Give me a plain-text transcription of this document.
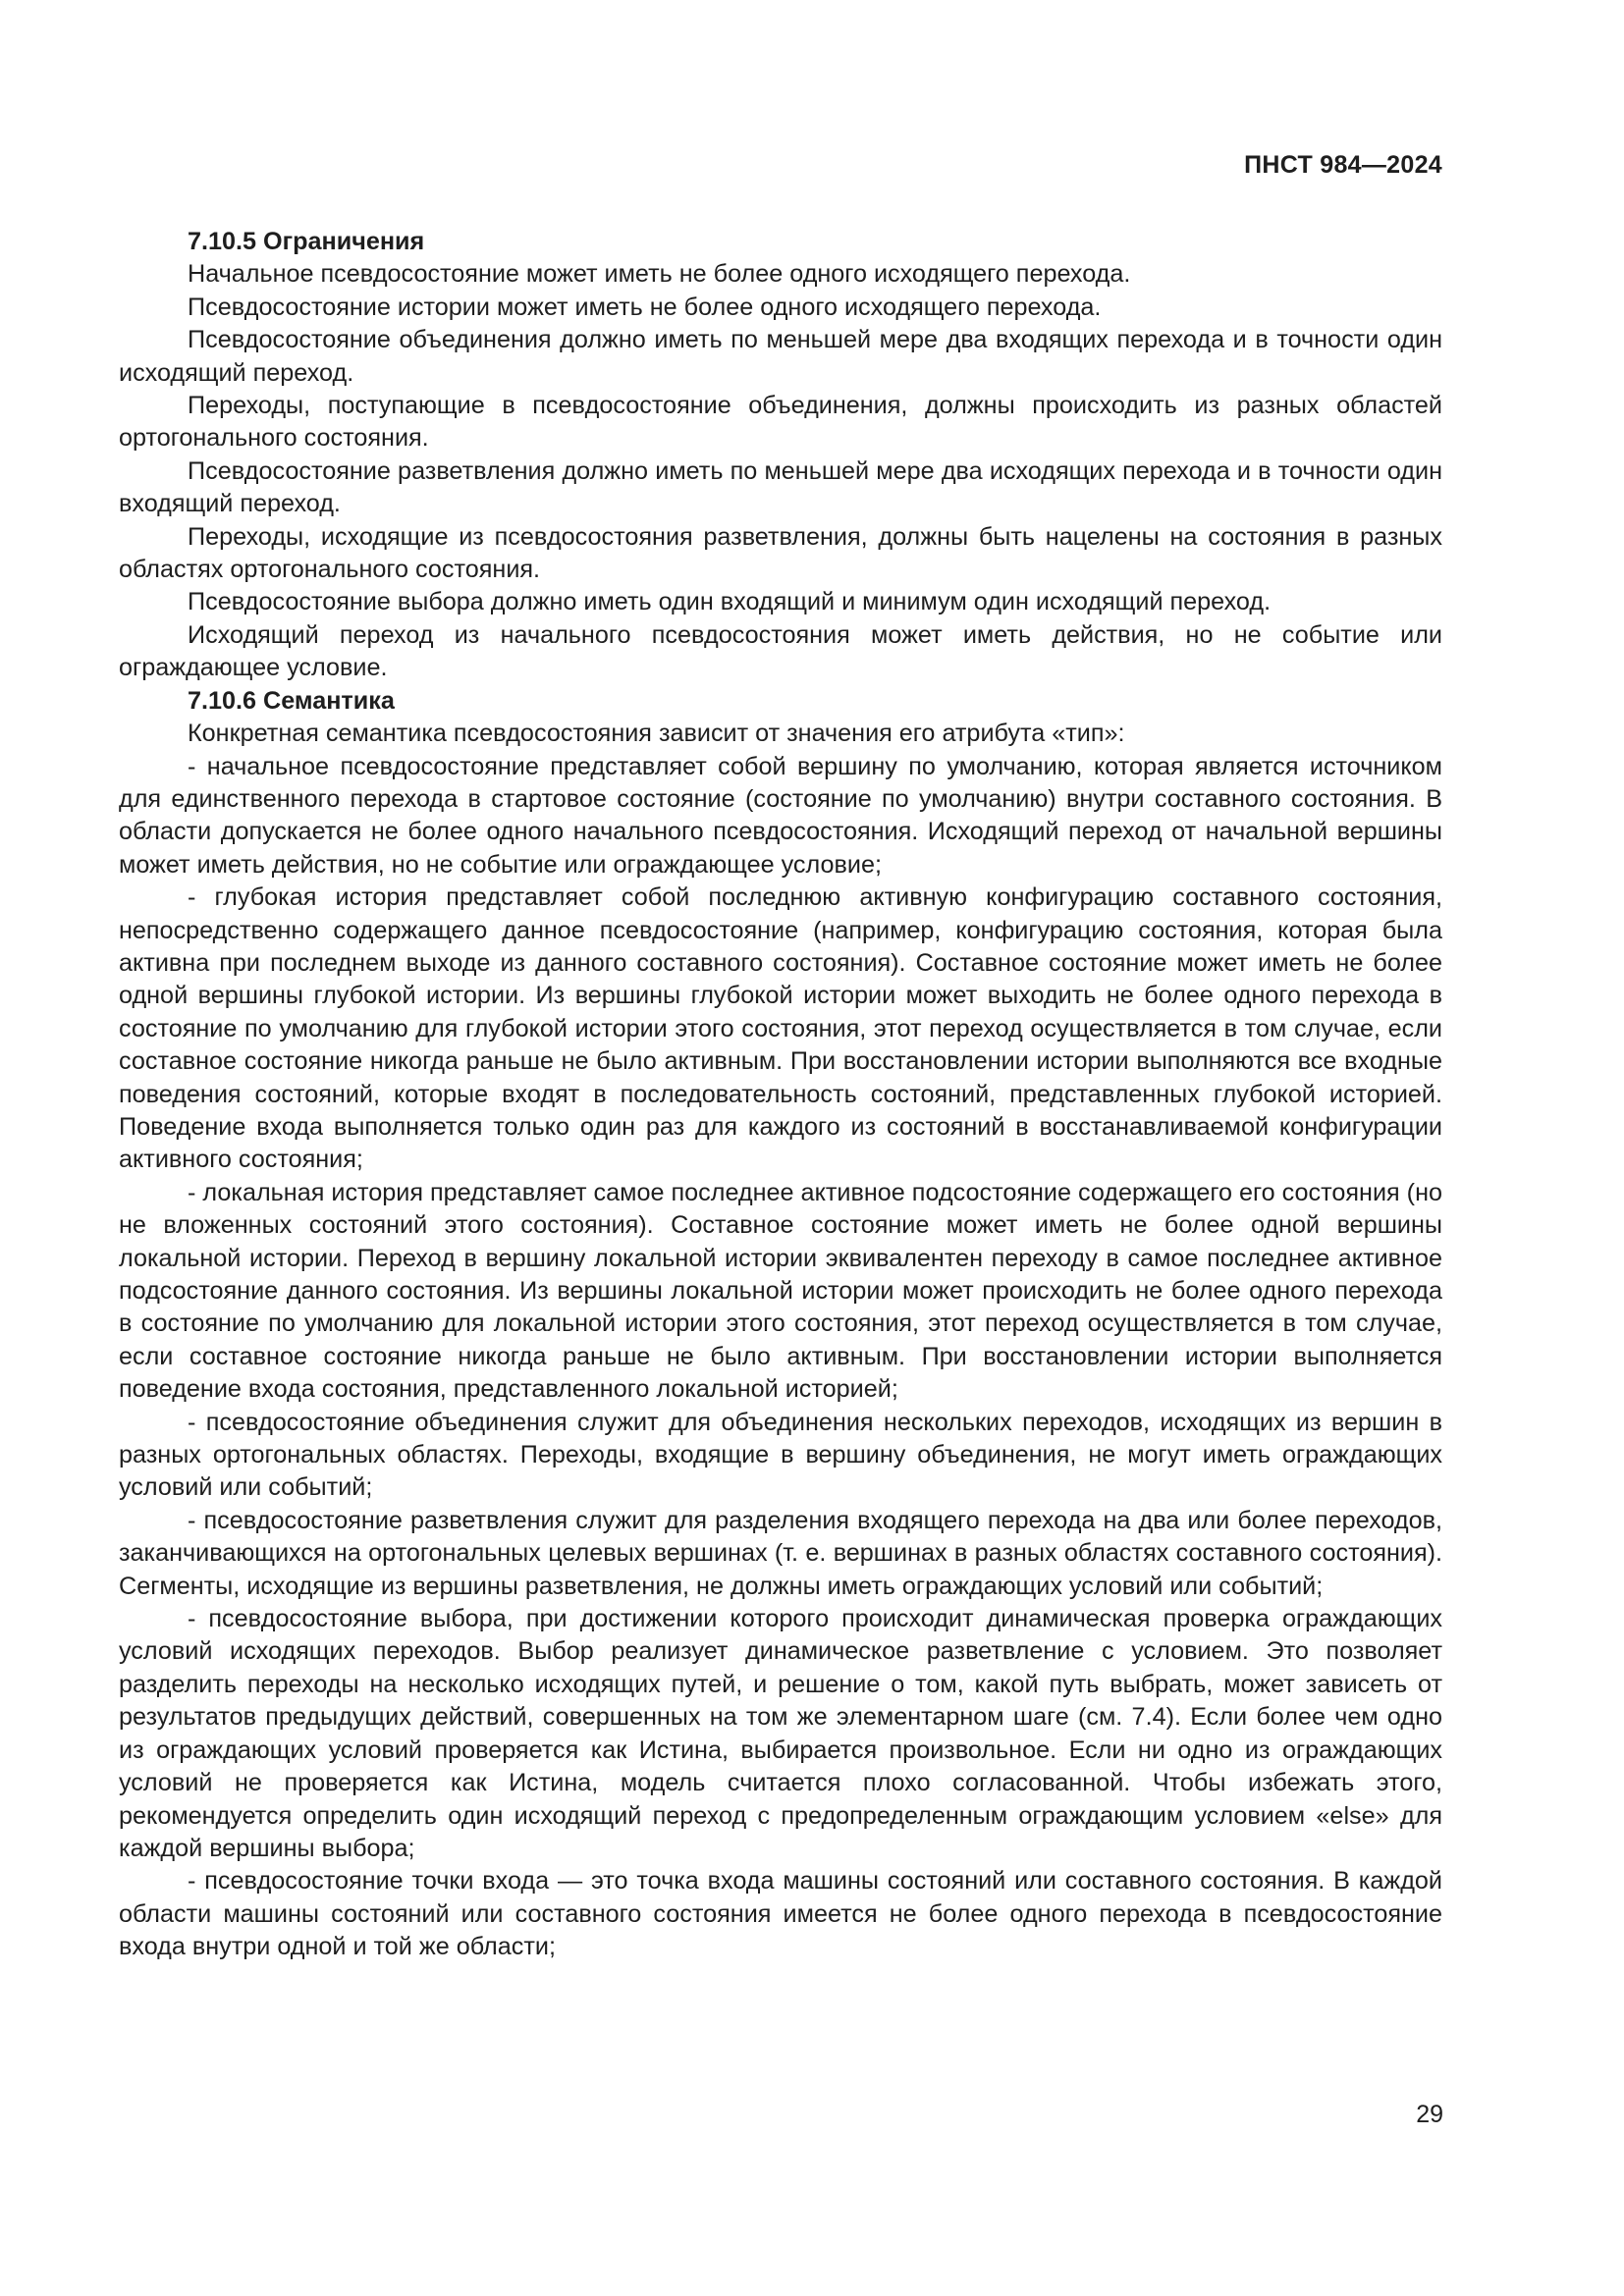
ПНСТ 984—2024
7.10.5 Ограничения

Начальное псевдосостояние может иметь не более одного исходящего перехода.

Псевдосостояние истории может иметь не более одного исходящего перехода.

Псевдосостояние объединения должно иметь по меньшей мере два входящих перехода и в точности один исходящий переход.

Переходы, поступающие в псевдосостояние объединения, должны происходить из разных областей ортогонального состояния.

Псевдосостояние разветвления должно иметь по меньшей мере два исходящих перехода и в точности один входящий переход.

Переходы, исходящие из псевдосостояния разветвления, должны быть нацелены на состояния в разных областях ортогонального состояния.

Псевдосостояние выбора должно иметь один входящий и минимум один исходящий переход.

Исходящий переход из начального псевдосостояния может иметь действия, но не событие или ограждающее условие.

7.10.6 Семантика

Конкретная семантика псевдосостояния зависит от значения его атрибута «тип»:

- начальное псевдосостояние представляет собой вершину по умолчанию, которая является источником для единственного перехода в стартовое состояние (состояние по умолчанию) внутри составного состояния. В области допускается не более одного начального псевдосостояния. Исходящий переход от начальной вершины может иметь действия, но не событие или ограждающее условие;

- глубокая история представляет собой последнюю активную конфигурацию составного состояния, непосредственно содержащего данное псевдосостояние (например, конфигурацию состояния, которая была активна при последнем выходе из данного составного состояния). Составное состояние может иметь не более одной вершины глубокой истории. Из вершины глубокой истории может выходить не более одного перехода в состояние по умолчанию для глубокой истории этого состояния, этот переход осуществляется в том случае, если составное состояние никогда раньше не было активным. При восстановлении истории выполняются все входные поведения состояний, которые входят в последовательность состояний, представленных глубокой историей. Поведение входа выполняется только один раз для каждого из состояний в восстанавливаемой конфигурации активного состояния;

- локальная история представляет самое последнее активное подсостояние содержащего его состояния (но не вложенных состояний этого состояния). Составное состояние может иметь не более одной вершины локальной истории. Переход в вершину локальной истории эквивалентен переходу в самое последнее активное подсостояние данного состояния. Из вершины локальной истории может происходить не более одного перехода в состояние по умолчанию для локальной истории этого состояния, этот переход осуществляется в том случае, если составное состояние никогда раньше не было активным. При восстановлении истории выполняется поведение входа состояния, представленного локальной историей;

- псевдосостояние объединения служит для объединения нескольких переходов, исходящих из вершин в разных ортогональных областях. Переходы, входящие в вершину объединения, не могут иметь ограждающих условий или событий;

- псевдосостояние разветвления служит для разделения входящего перехода на два или более переходов, заканчивающихся на ортогональных целевых вершинах (т. е. вершинах в разных областях составного состояния). Сегменты, исходящие из вершины разветвления, не должны иметь ограждающих условий или событий;

- псевдосостояние выбора, при достижении которого происходит динамическая проверка ограждающих условий исходящих переходов. Выбор реализует динамическое разветвление с условием. Это позволяет разделить переходы на несколько исходящих путей, и решение о том, какой путь выбрать, может зависеть от результатов предыдущих действий, совершенных на том же элементарном шаге (см. 7.4). Если более чем одно из ограждающих условий проверяется как Истина, выбирается произвольное. Если ни одно из ограждающих условий не проверяется как Истина, модель считается плохо согласованной. Чтобы избежать этого, рекомендуется определить один исходящий переход с предопределенным ограждающим условием «else» для каждой вершины выбора;

- псевдосостояние точки входа — это точка входа машины состояний или составного состояния. В каждой области машины состояний или составного состояния имеется не более одного перехода в псевдосостояние входа внутри одной и той же области;

29
